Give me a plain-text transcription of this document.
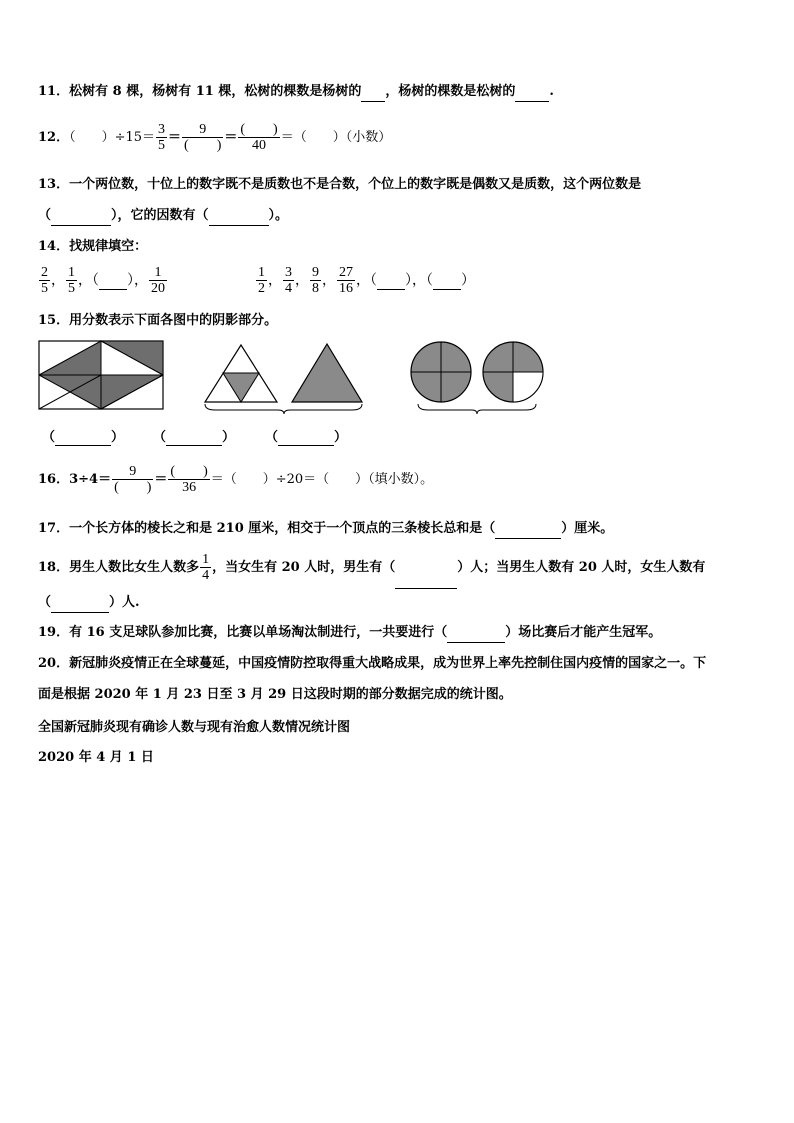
11．松树有 8 棵，杨树有 11 棵，松树的棵数是杨树的 ，杨树的棵数是松树的	.
12．（　　）$\div 15= \frac{3}{5} = \frac{9}{( )} = \frac{( )}{40}$ ＝（　　）（小数）
13．一个两位数，十位上的数字既不是质数也不是合数，个位上的数字既是偶数又是质数，这个两位数是
（	），它的因数有（	）。
14．找规律填空：
$\frac{2}{5}$ ， $\frac{1}{5}$ ，（ ）， $\frac{1}{20}$	$\frac{1}{2}$ ， $\frac{3}{4}$ ， $\frac{9}{8}$ ， $\frac{27}{16}$ ，（ ），（ ）
15．用分数表示下面各图中的阴影部分。
（	） （	） （	）
16．$3\div 4= \frac{9}{( )} = \frac{( )}{36}$ ＝（　　）÷20＝（　　）（填小数）。
17．一个长方体的棱长之和是 210 厘米，相交于一个顶点的三条棱长总和是（	）厘米。
18．男生人数比女生人数多 $\frac{1}{4}$ ，当女生有 20 人时，男生有（	）人；当男生人数有 20 人时，女生人数有
（	）人.
19．有 16 支足球队参加比赛，比赛以单场淘汰制进行，一共要进行（	）场比赛后才能产生冠军。
20．新冠肺炎疫情正在全球蔓延，中国疫情防控取得重大战略成果，成为世界上率先控制住国内疫情的国家之一。下
面是根据 2020 年 1 月 23 日至 3 月 29 日这段时期的部分数据完成的统计图。
全国新冠肺炎现有确诊人数与现有治愈人数情况统计图
2020 年 4 月 1 日
